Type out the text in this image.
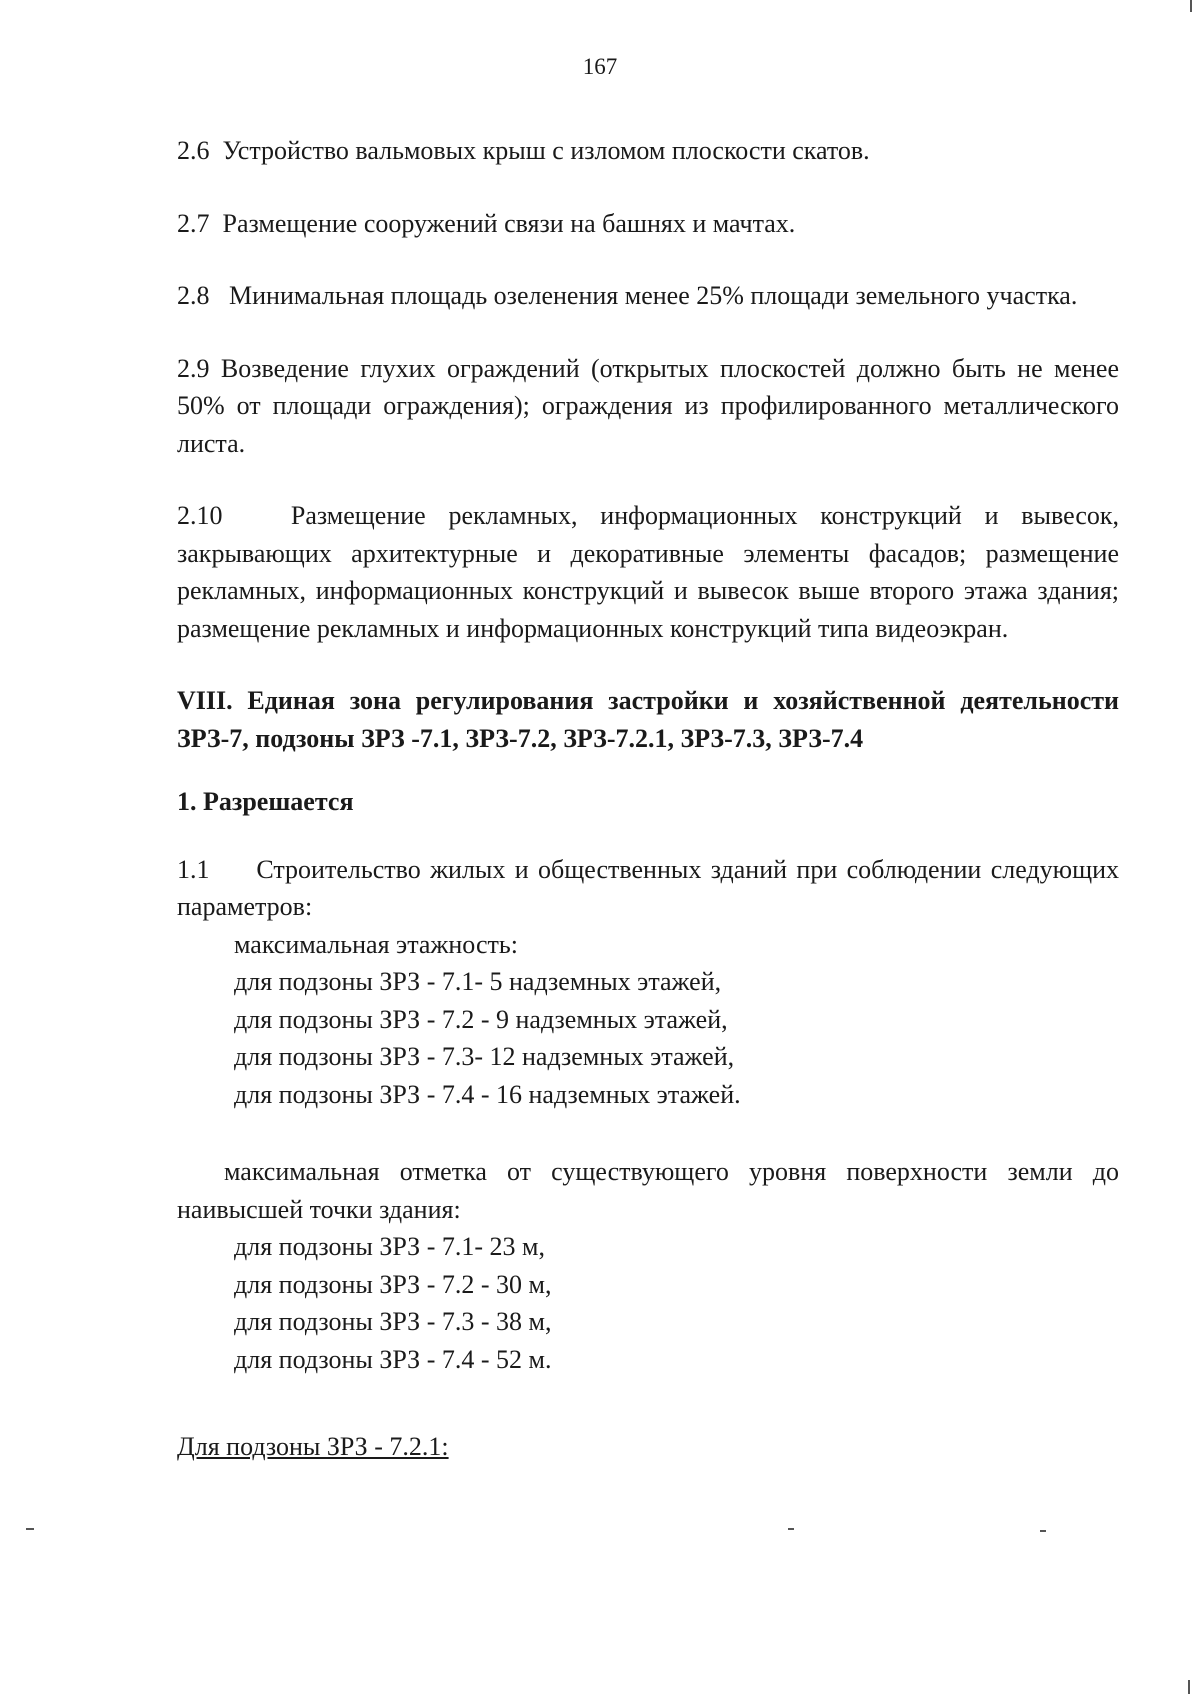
167

2.6 Устройство вальмовых крыш с изломом плоскости скатов.

2.7 Размещение сооружений связи на башнях и мачтах.

2.8 Минимальная площадь озеленения менее 25% площади земельного участка.

2.9 Возведение глухих ограждений (открытых плоскостей должно быть не менее 50% от площади ограждения); ограждения из профилированного металлического листа.

2.10	Размещение рекламных, информационных конструкций и вывесок, закрывающих архитектурные и декоративные элементы фасадов; размещение рекламных, информационных конструкций и вывесок выше второго этажа здания; размещение рекламных и информационных конструкций типа видеоэкран.

VIII. Единая зона регулирования застройки и хозяйственной деятельности ЗРЗ-7, подзоны ЗРЗ -7.1, ЗРЗ-7.2, ЗРЗ-7.2.1, ЗРЗ-7.3, ЗРЗ-7.4

1. Разрешается

1.1 Строительство жилых и общественных зданий при соблюдении следующих параметров:

максимальная этажность:
для подзоны ЗРЗ - 7.1- 5 надземных этажей,
для подзоны ЗРЗ - 7.2 - 9 надземных этажей,
для подзоны ЗРЗ - 7.3- 12 надземных этажей,
для подзоны ЗРЗ - 7.4 - 16 надземных этажей.

максимальная отметка от существующего уровня поверхности земли до наивысшей точки здания:

для подзоны ЗРЗ - 7.1- 23 м,
для подзоны ЗРЗ - 7.2 - 30 м,
для подзоны ЗРЗ - 7.3 - 38 м,
для подзоны ЗРЗ - 7.4 - 52 м.
Для подзоны ЗРЗ - 7.2.1:
